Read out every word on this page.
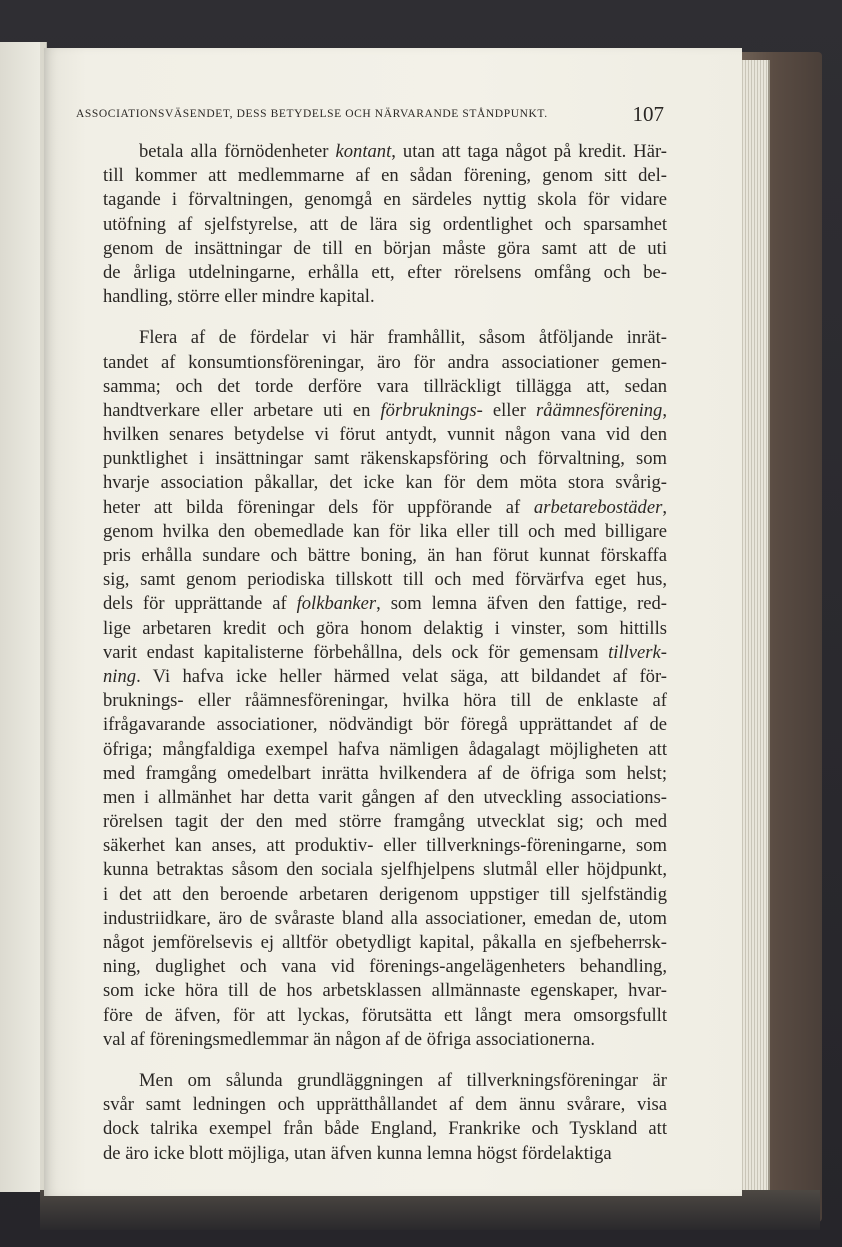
ASSOCIATIONSVÄSENDET, DESS BETYDELSE OCH NÄRVARANDE STÅNDPUNKT.	107
betala alla förnödenheter kontant, utan att taga något på kredit. Här-
till kommer att medlemmarne af en sådan förening, genom sitt del-
tagande i förvaltningen, genomgå en särdeles nyttig skola för vidare
utöfning af sjelfstyrelse, att de lära sig ordentlighet och sparsamhet
genom de insättningar de till en början måste göra samt att de uti
de årliga utdelningarne, erhålla ett, efter rörelsens omfång och be-
handling, större eller mindre kapital.
Flera af de fördelar vi här framhållit, såsom åtföljande inrät-
tandet af konsumtionsföreningar, äro för andra associationer gemen-
samma; och det torde derföre vara tillräckligt tillägga att, sedan
handtverkare eller arbetare uti en förbruknings- eller råämnesförening,
hvilken senares betydelse vi förut antydt, vunnit någon vana vid den
punktlighet i insättningar samt räkenskapsföring och förvaltning, som
hvarje association påkallar, det icke kan för dem möta stora svårig-
heter att bilda föreningar dels för uppförande af arbetarebostäder,
genom hvilka den obemedlade kan för lika eller till och med billigare
pris erhålla sundare och bättre boning, än han förut kunnat förskaffa
sig, samt genom periodiska tillskott till och med förvärfva eget hus,
dels för upprättande af folkbanker, som lemna äfven den fattige, red-
lige arbetaren kredit och göra honom delaktig i vinster, som hittills
varit endast kapitalisterne förbehållna, dels ock för gemensam tillverk-
ning. Vi hafva icke heller härmed velat säga, att bildandet af för-
bruknings- eller råämnesföreningar, hvilka höra till de enklaste af
ifrågavarande associationer, nödvändigt bör föregå upprättandet af de
öfriga; mångfaldiga exempel hafva nämligen ådagalagt möjligheten att
med framgång omedelbart inrätta hvilkendera af de öfriga som helst;
men i allmänhet har detta varit gången af den utveckling associations-
rörelsen tagit der den med större framgång utvecklat sig; och med
säkerhet kan anses, att produktiv- eller tillverknings-föreningarne, som
kunna betraktas såsom den sociala sjelfhjelpens slutmål eller höjdpunkt,
i det att den beroende arbetaren derigenom uppstiger till sjelfständig
industriidkare, äro de svåraste bland alla associationer, emedan de, utom
något jemförelsevis ej alltför obetydligt kapital, påkalla en sjefbeherrsk-
ning, duglighet och vana vid förenings-angelägenheters behandling,
som icke höra till de hos arbetsklassen allmännaste egenskaper, hvar-
före de äfven, för att lyckas, förutsätta ett långt mera omsorgsfullt
val af föreningsmedlemmar än någon af de öfriga associationerna.
Men om sålunda grundläggningen af tillverkningsföreningar är
svår samt ledningen och upprätthållandet af dem ännu svårare, visa
dock talrika exempel från både England, Frankrike och Tyskland att
de äro icke blott möjliga, utan äfven kunna lemna högst fördelaktiga
